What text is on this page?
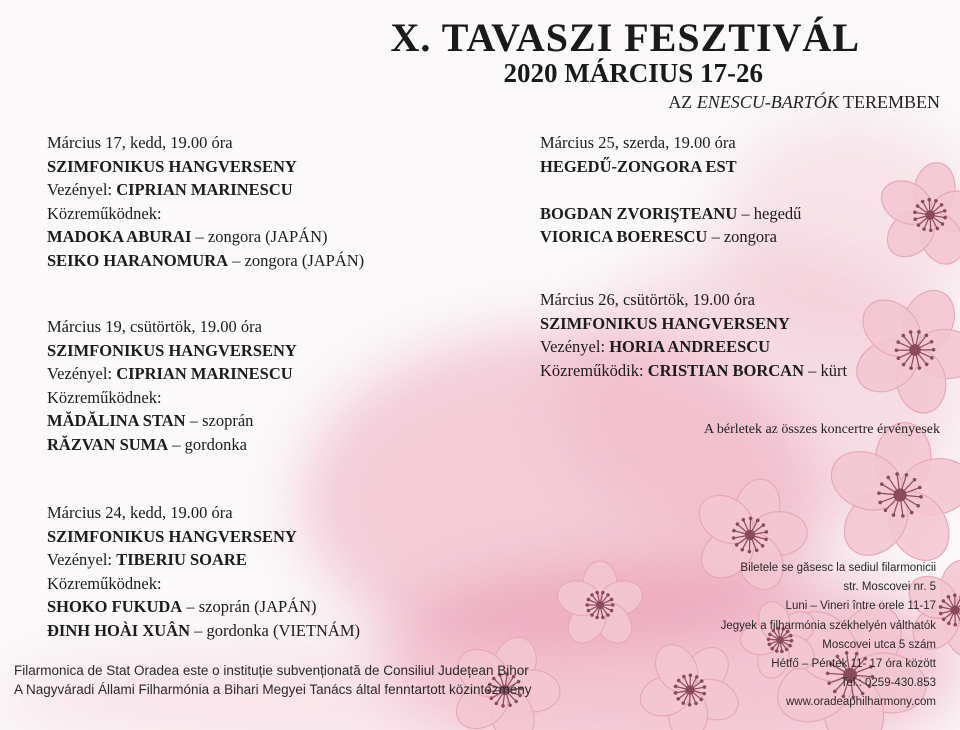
X. TAVASZI FESZTIVÁL
2020 MÁRCIUS 17-26
AZ ENESCU-BARTÓK TEREMBEN
Március 17, kedd, 19.00 óra
SZIMFONIKUS HANGVERSENY
Vezényel: CIPRIAN MARINESCU
Közreműködnek:
MADOKA ABURAI – zongora (JAPÁN)
SEIKO HARANOMURA – zongora (JAPÁN)
Március 19, csütörtök, 19.00 óra
SZIMFONIKUS HANGVERSENY
Vezényel: CIPRIAN MARINESCU
Közreműködnek:
MĂDĂLINA STAN – szoprán
RĂZVAN SUMA – gordonka
Március 24, kedd, 19.00 óra
SZIMFONIKUS HANGVERSENY
Vezényel: TIBERIU SOARE
Közreműködnek:
SHOKO FUKUDA – szoprán (JAPÁN)
ĐINH HOÀI XUÂN – gordonka (VIETNÁM)
Március 25, szerda, 19.00 óra
HEGEDŰ-ZONGORA EST
BOGDAN ZVORIŞTEANU – hegedű
VIORICA BOERESCU – zongora
Március 26, csütörtök, 19.00 óra
SZIMFONIKUS HANGVERSENY
Vezényel: HORIA ANDREESCU
Közreműködik: CRISTIAN BORCAN – kürt
A bérletek az összes koncertre érvényesek
Biletele se găsesc la sediul filarmonicii
str. Moscovei nr. 5
Luni – Vineri între orele 11-17
Jegyek a filharmónia székhelyén válthatók
Moscovei utca 5 szám
Hétfő – Péntek 11- 17 óra között
Tel.: 0259-430.853
www.oradeaphilharmony.com
Filarmonica de Stat Oradea este o instituție subvenționată de Consiliul Județean Bihor
A Nagyváradi Állami Filharmónia a Bihari Megyei Tanács által fenntartott közintézmény
